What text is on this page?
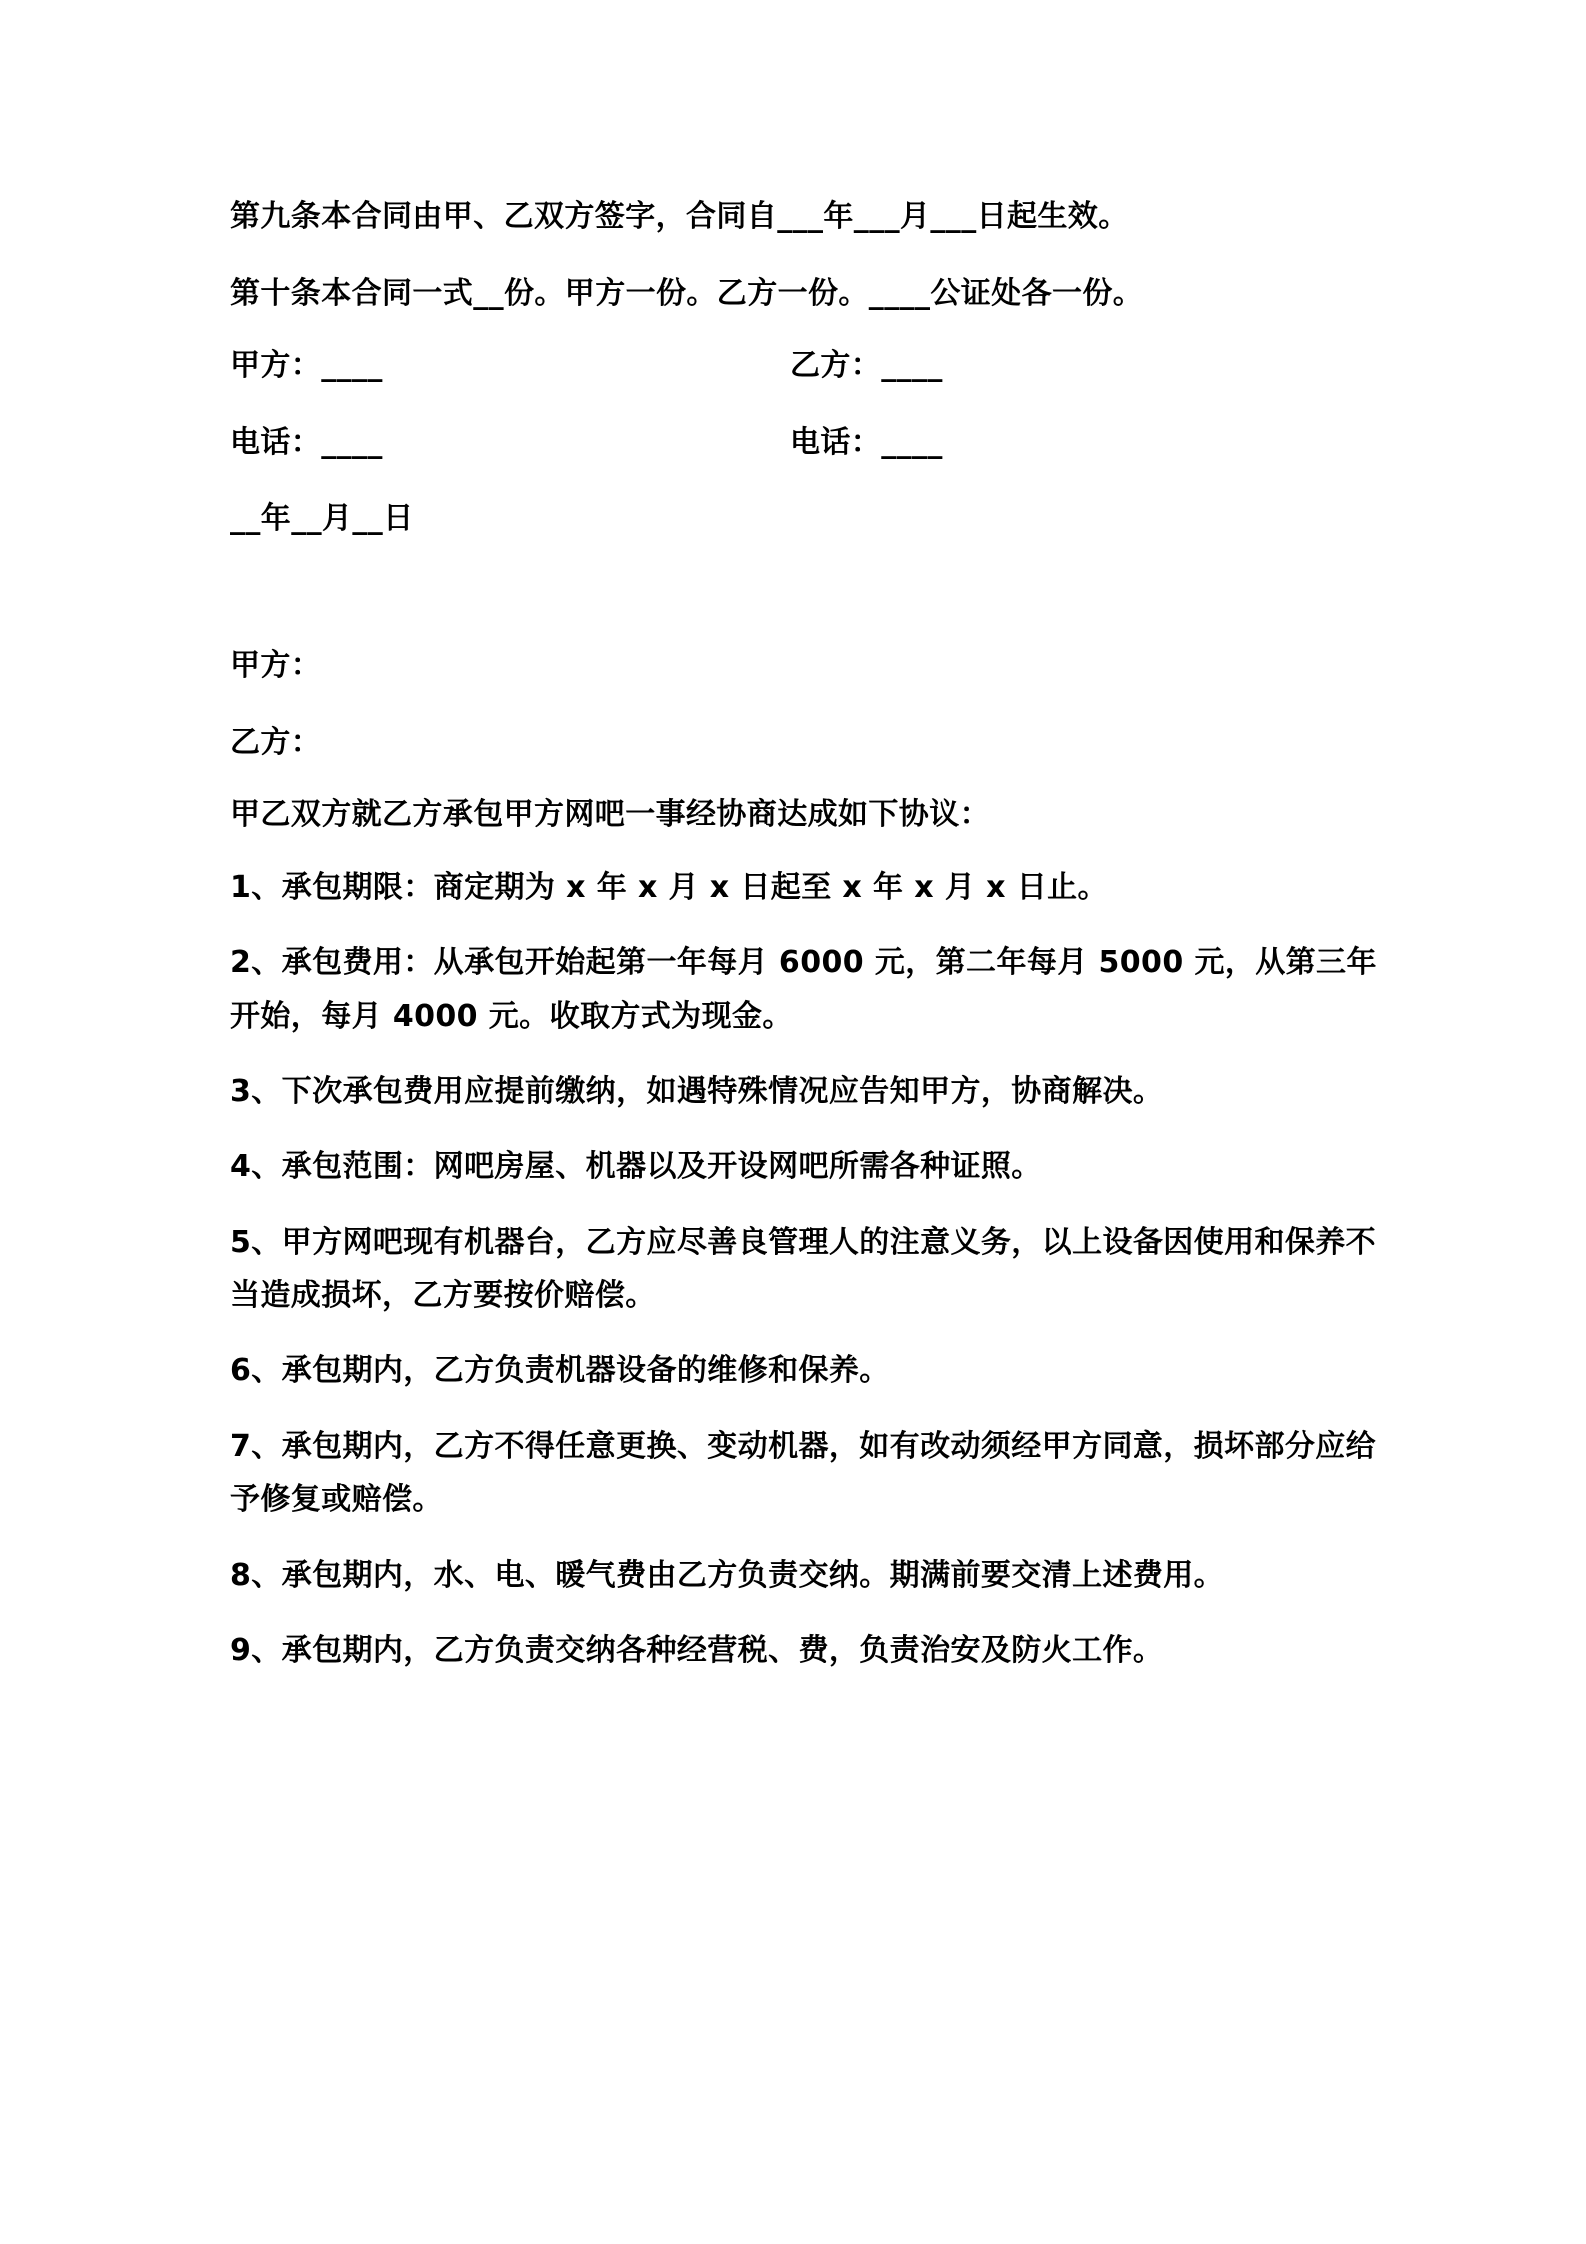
第九条本合同由甲、乙双方签字，合同自___年___月___日起生效。

第十条本合同一式__份。甲方一份。乙方一份。____公证处各一份。

甲方：____	乙方：____

电话：____	电话：____

__年__月__日

甲方：

乙方：

甲乙双方就乙方承包甲方网吧一事经协商达成如下协议：

1、承包期限：商定期为 x 年 x 月 x 日起至 x 年 x 月 x 日止。

2、承包费用：从承包开始起第一年每月 6000 元，第二年每月 5000 元，从第三年开始，每月 4000 元。收取方式为现金。

3、下次承包费用应提前缴纳，如遇特殊情况应告知甲方，协商解决。

4、承包范围：网吧房屋、机器以及开设网吧所需各种证照。

5、甲方网吧现有机器台，乙方应尽善良管理人的注意义务，以上设备因使用和保养不当造成损坏，乙方要按价赔偿。

6、承包期内，乙方负责机器设备的维修和保养。

7、承包期内，乙方不得任意更换、变动机器，如有改动须经甲方同意，损坏部分应给予修复或赔偿。

8、承包期内，水、电、暖气费由乙方负责交纳。期满前要交清上述费用。

9、承包期内，乙方负责交纳各种经营税、费，负责治安及防火工作。
